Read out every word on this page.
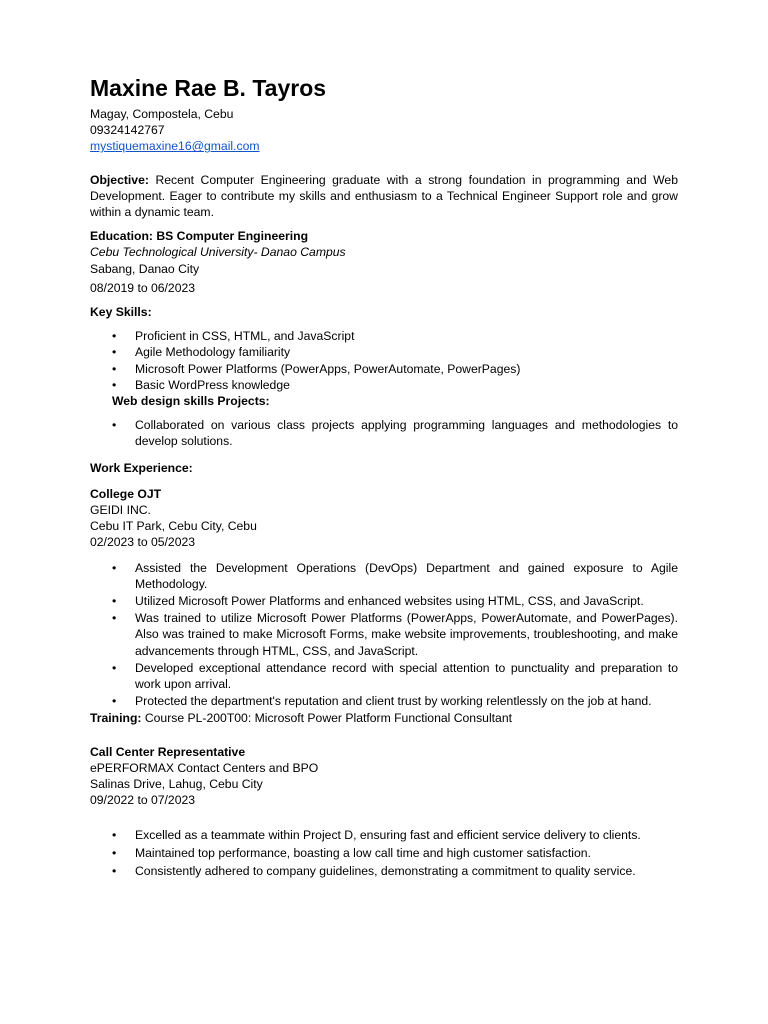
Maxine Rae B. Tayros
Magay, Compostela, Cebu
09324142767
mystiquemaxine16@gmail.com
Objective: Recent Computer Engineering graduate with a strong foundation in programming and Web Development. Eager to contribute my skills and enthusiasm to a Technical Engineer Support role and grow within a dynamic team.
Education: BS Computer Engineering
Cebu Technological University- Danao Campus
Sabang, Danao City
08/2019 to 06/2023
Key Skills:
• Proficient in CSS, HTML, and JavaScript
• Agile Methodology familiarity
• Microsoft Power Platforms (PowerApps, PowerAutomate, PowerPages)
• Basic WordPress knowledge
Web design skills Projects:
• Collaborated on various class projects applying programming languages and methodologies to develop solutions.
Work Experience:
College OJT
GEIDI INC.
Cebu IT Park, Cebu City, Cebu
02/2023 to 05/2023
• Assisted the Development Operations (DevOps) Department and gained exposure to Agile Methodology.
• Utilized Microsoft Power Platforms and enhanced websites using HTML, CSS, and JavaScript.
• Was trained to utilize Microsoft Power Platforms (PowerApps, PowerAutomate, and PowerPages). Also was trained to make Microsoft Forms, make website improvements, troubleshooting, and make advancements through HTML, CSS, and JavaScript.
• Developed exceptional attendance record with special attention to punctuality and preparation to work upon arrival.
• Protected the department's reputation and client trust by working relentlessly on the job at hand.
Training: Course PL-200T00: Microsoft Power Platform Functional Consultant
Call Center Representative
ePERFORMAX Contact Centers and BPO
Salinas Drive, Lahug, Cebu City
09/2022 to 07/2023
• Excelled as a teammate within Project D, ensuring fast and efficient service delivery to clients.
• Maintained top performance, boasting a low call time and high customer satisfaction.
• Consistently adhered to company guidelines, demonstrating a commitment to quality service.
